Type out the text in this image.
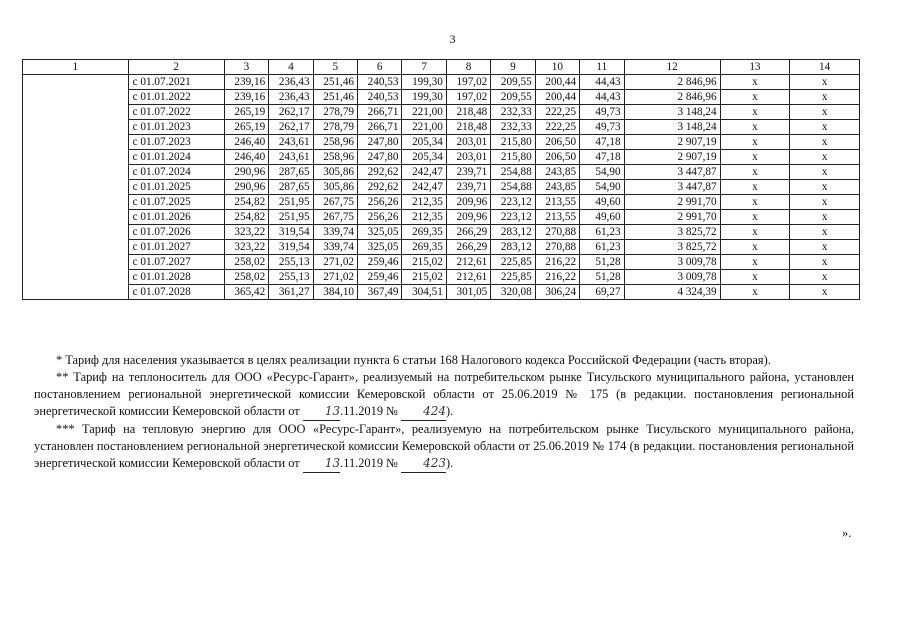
3
1	2	3	4	5	6	7	8	9	10	11	12	13	14
	с 01.07.2021	239,16	236,43	251,46	240,53	199,30	197,02	209,55	200,44	44,43	2 846,96	х	х
	с 01.01.2022	239,16	236,43	251,46	240,53	199,30	197,02	209,55	200,44	44,43	2 846,96	х	х
	с 01.07.2022	265,19	262,17	278,79	266,71	221,00	218,48	232,33	222,25	49,73	3 148,24	х	х
	с 01.01.2023	265,19	262,17	278,79	266,71	221,00	218,48	232,33	222,25	49,73	3 148,24	х	х
	с 01.07.2023	246,40	243,61	258,96	247,80	205,34	203,01	215,80	206,50	47,18	2 907,19	х	х
	с 01.01.2024	246,40	243,61	258,96	247,80	205,34	203,01	215,80	206,50	47,18	2 907,19	х	х
	с 01.07.2024	290,96	287,65	305,86	292,62	242,47	239,71	254,88	243,85	54,90	3 447,87	х	х
	с 01.01.2025	290,96	287,65	305,86	292,62	242,47	239,71	254,88	243,85	54,90	3 447,87	х	х
	с 01.07.2025	254,82	251,95	267,75	256,26	212,35	209,96	223,12	213,55	49,60	2 991,70	х	х
	с 01.01.2026	254,82	251,95	267,75	256,26	212,35	209,96	223,12	213,55	49,60	2 991,70	х	х
	с 01.07.2026	323,22	319,54	339,74	325,05	269,35	266,29	283,12	270,88	61,23	3 825,72	х	х
	с 01.01.2027	323,22	319,54	339,74	325,05	269,35	266,29	283,12	270,88	61,23	3 825,72	х	х
	с 01.07.2027	258,02	255,13	271,02	259,46	215,02	212,61	225,85	216,22	51,28	3 009,78	х	х
	с 01.01.2028	258,02	255,13	271,02	259,46	215,02	212,61	225,85	216,22	51,28	3 009,78	х	х
	с 01.07.2028	365,42	361,27	384,10	367,49	304,51	301,05	320,08	306,24	69,27	4 324,39	х	х

* Тариф для населения указывается в целях реализации пункта 6 статьи 168 Налогового кодекса Российской Федерации (часть вторая).

** Тариф на теплоноситель для ООО «Ресурс-Гарант», реализуемый на потребительском рынке Тисульского муниципального района, установлен постановлением региональной энергетической комиссии Кемеровской области от 25.06.2019 № 175 (в редакции. постановления региональной энергетической комиссии Кемеровской области от 13.11.2019 № 424).

*** Тариф на тепловую энергию для ООО «Ресурс-Гарант», реализуемую на потребительском рынке Тисульского муниципального района, установлен постановлением региональной энергетической комиссии Кемеровской области от 25.06.2019 № 174 (в редакции. постановления региональной энергетической комиссии Кемеровской области от 13.11.2019 № 423).

».
